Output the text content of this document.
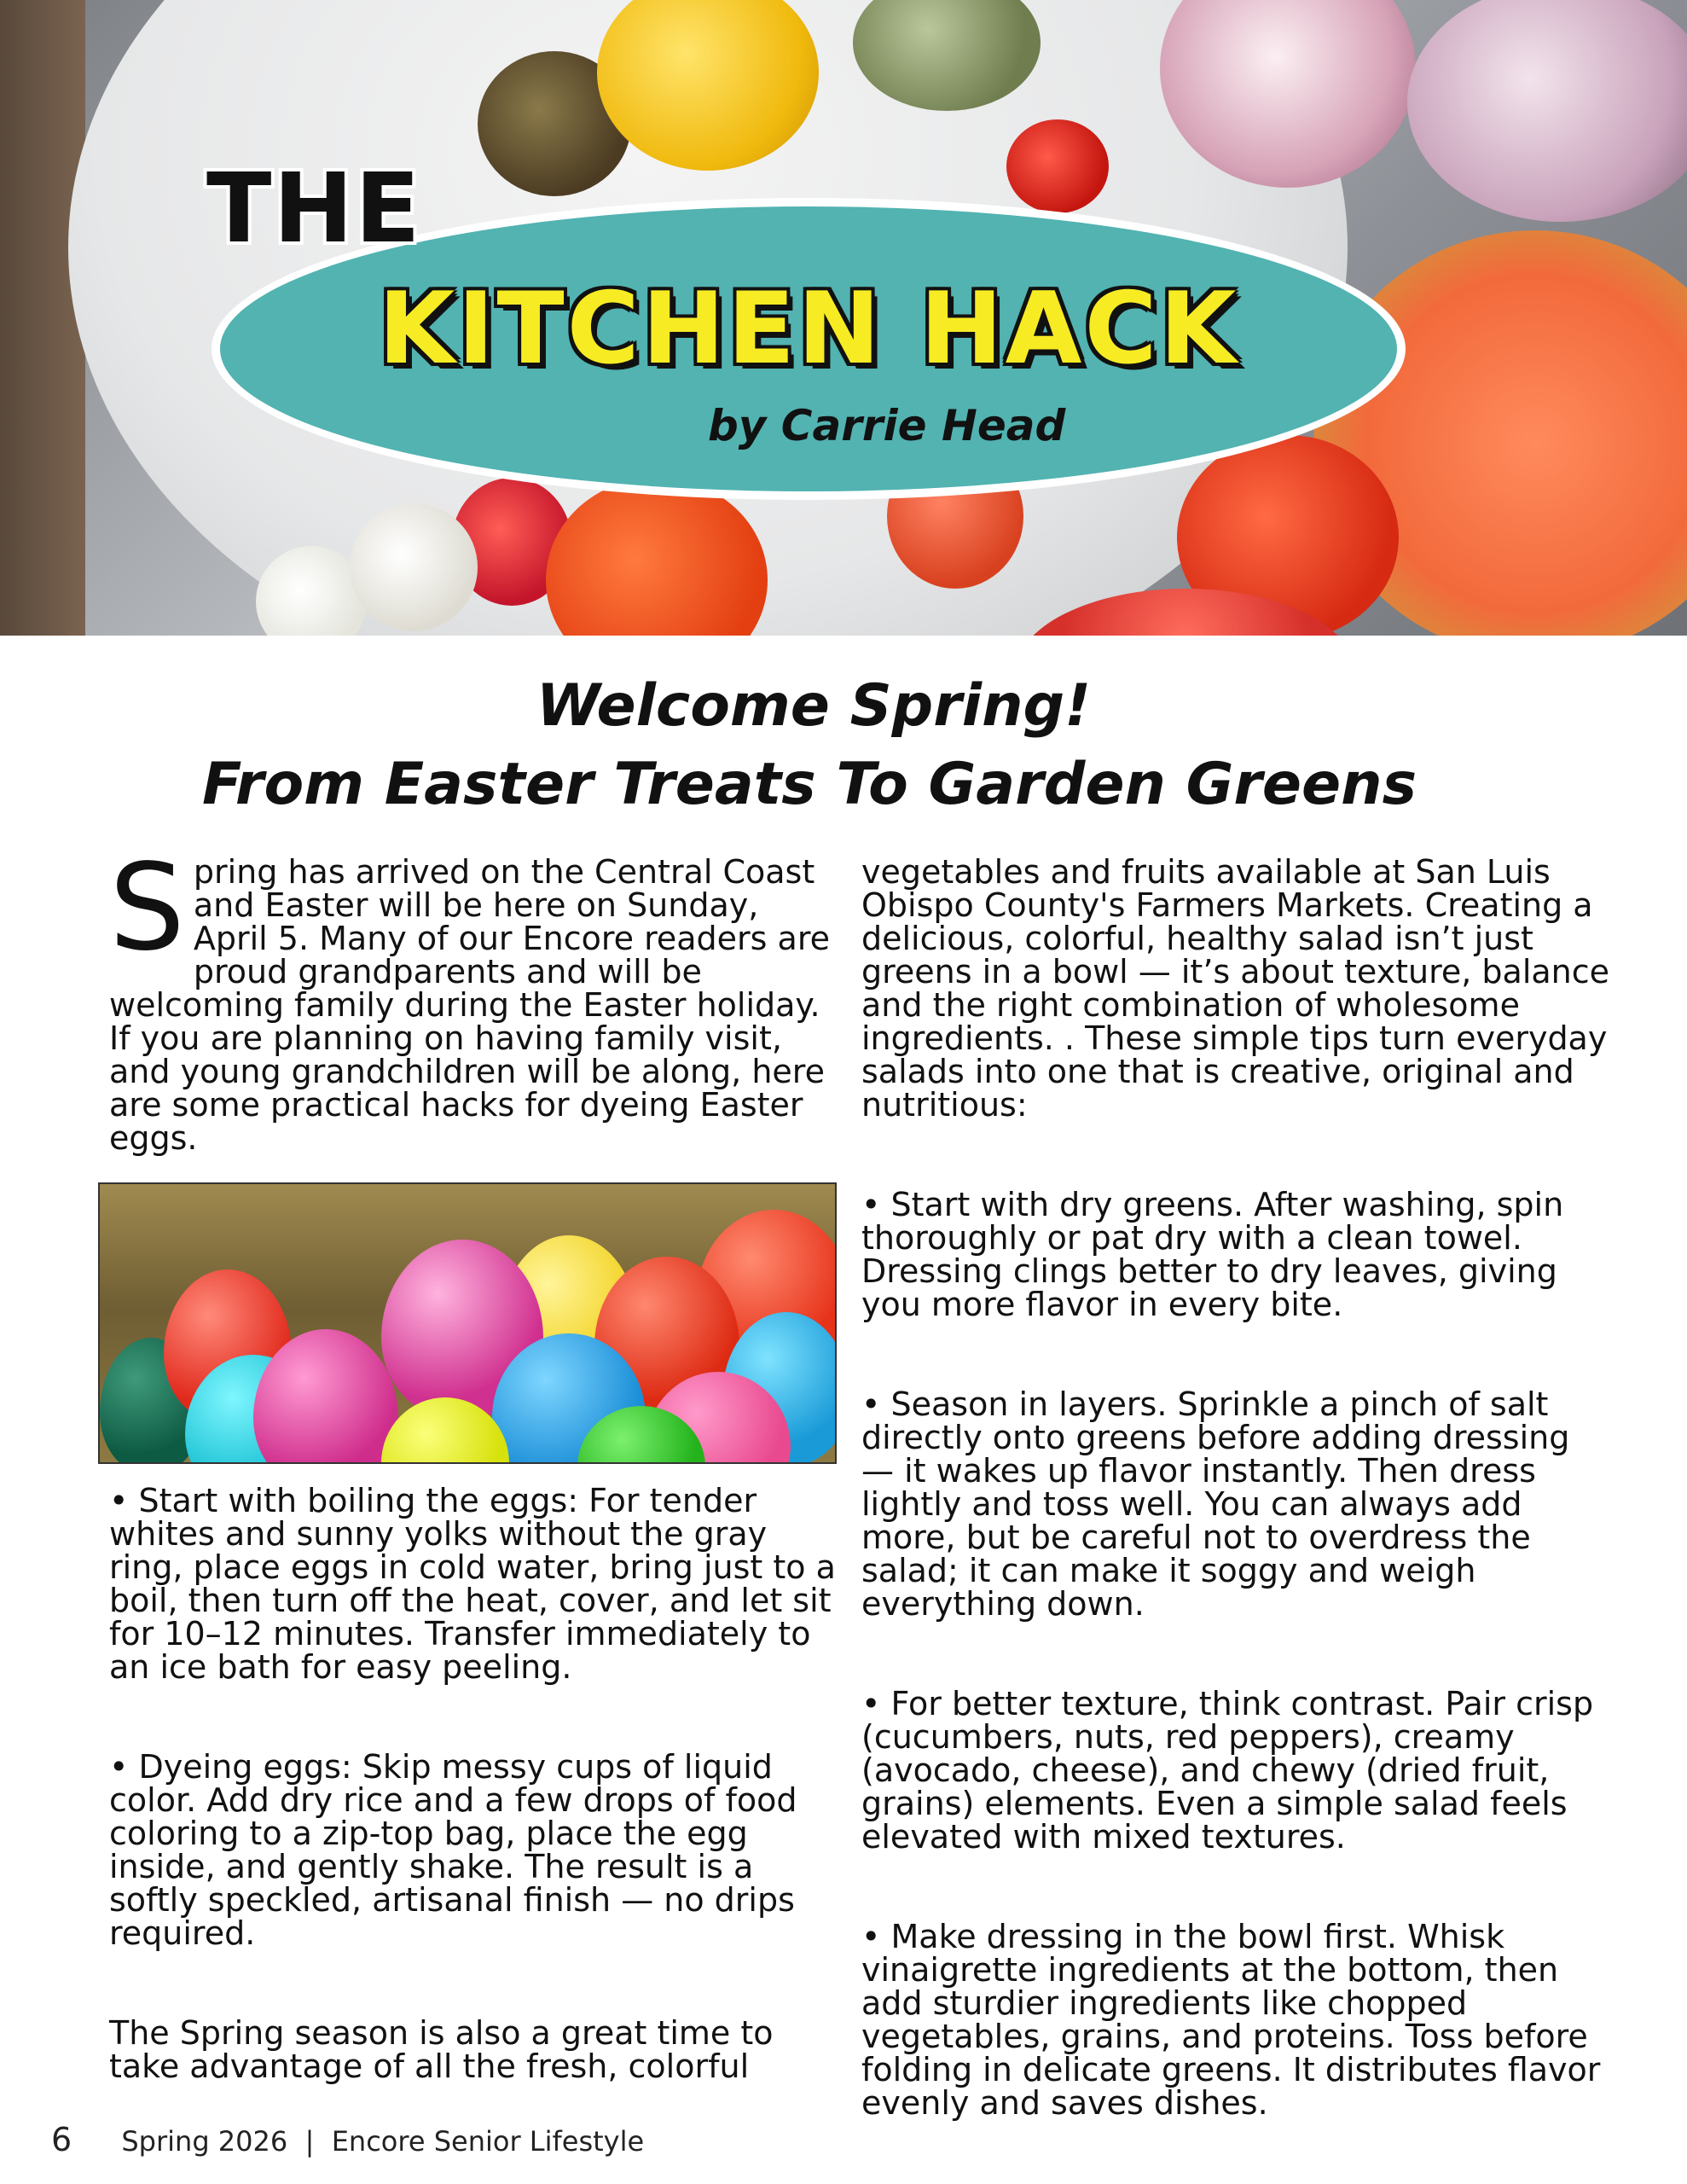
THE
KITCHEN HACK
by Carrie Head
Welcome Spring!
From Easter Treats To Garden Greens
S pring has arrived on the Central Coast and Easter will be here on Sunday, April 5. Many of our Encore readers are proud grandparents and will be welcoming family during the Easter holiday. If you are planning on having family visit, and young grandchildren will be along, here are some practical hacks for dyeing Easter eggs.

• Start with boiling the eggs: For tender whites and sunny yolks without the gray ring, place eggs in cold water, bring just to a boil, then turn off the heat, cover, and let sit for 10–12 minutes. Transfer immediately to an ice bath for easy peeling.

• Dyeing eggs: Skip messy cups of liquid color. Add dry rice and a few drops of food coloring to a zip-top bag, place the egg inside, and gently shake. The result is a softly speckled, artisanal finish — no drips required.

The Spring season is also a great time to take advantage of all the fresh, colorful

vegetables and fruits available at San Luis Obispo County's Farmers Markets. Creating a delicious, colorful, healthy salad isn’t just greens in a bowl — it’s about texture, balance and the right combination of wholesome ingredients. . These simple tips turn everyday salads into one that is creative, original and nutritious:

• Start with dry greens. After washing, spin thoroughly or pat dry with a clean towel. Dressing clings better to dry leaves, giving you more flavor in every bite.

• Season in layers. Sprinkle a pinch of salt directly onto greens before adding dressing — it wakes up flavor instantly. Then dress lightly and toss well. You can always add more, but be careful not to overdress the salad; it can make it soggy and weigh everything down.

• For better texture, think contrast. Pair crisp (cucumbers, nuts, red peppers), creamy (avocado, cheese), and chewy (dried fruit, grains) elements. Even a simple salad feels elevated with mixed textures.

• Make dressing in the bowl first. Whisk vinaigrette ingredients at the bottom, then add sturdier ingredients like chopped vegetables, grains, and proteins. Toss before folding in delicate greens. It distributes flavor evenly and saves dishes.

6 Spring 2026  |  Encore Senior Lifestyle
